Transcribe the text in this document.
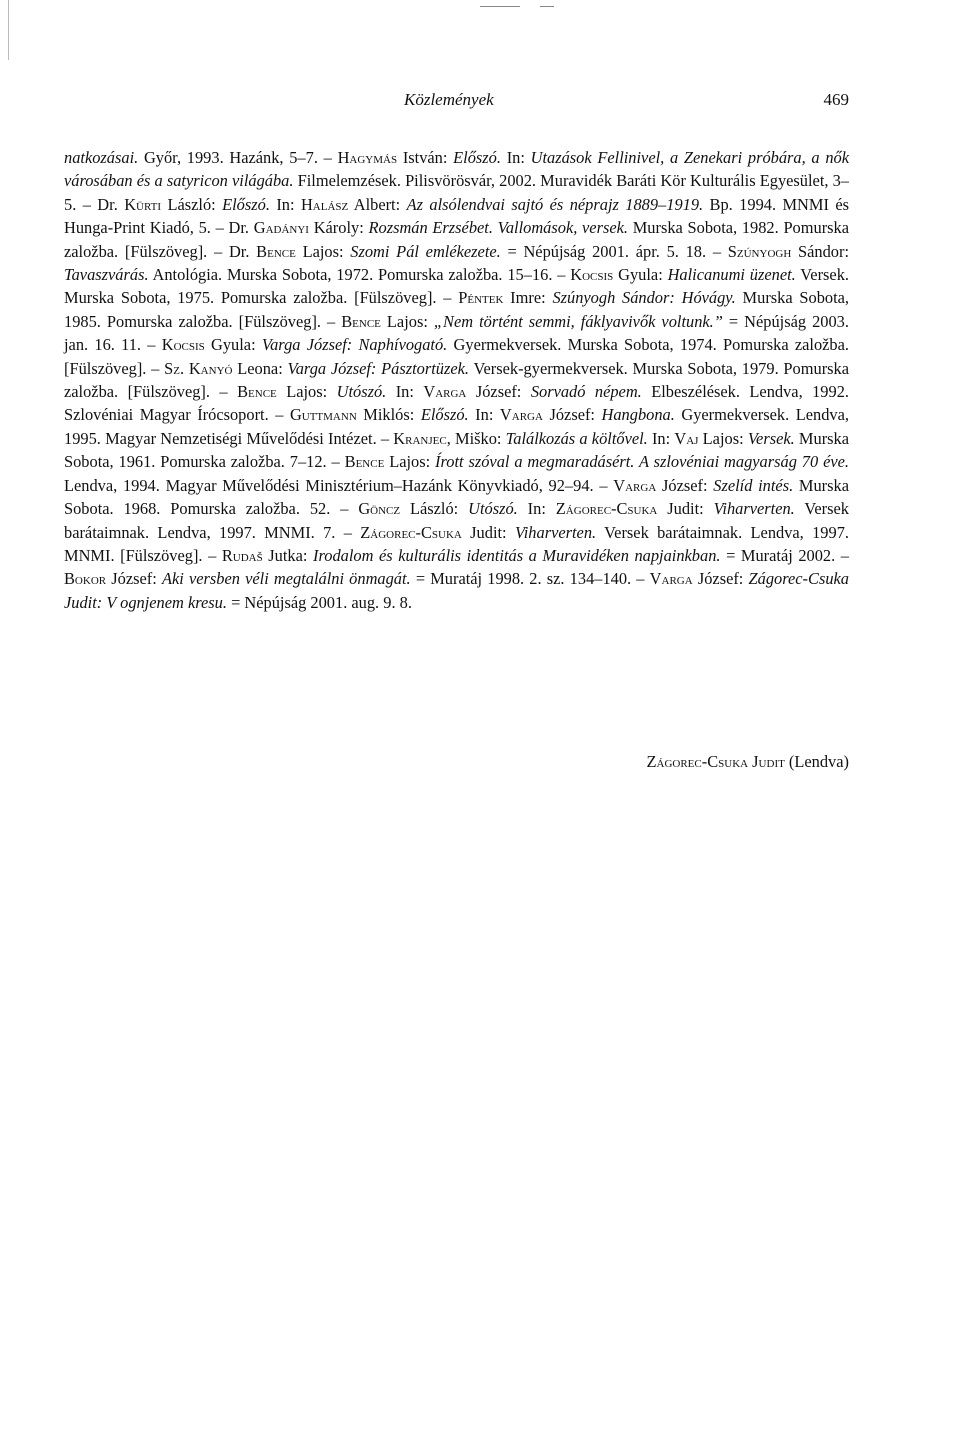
Közlemények	469
natkozásai. Győr, 1993. Hazánk, 5–7. – Hagymás István: Előszó. In: Utazások Fellinivel, a Zenekari próbára, a nők városában és a satyricon világába. Filmelemzések. Pilisvörösvár, 2002. Muravidék Baráti Kör Kulturális Egyesület, 3–5. – Dr. Kürti László: Előszó. In: Halász Albert: Az alsólendvai sajtó és néprajz 1889–1919. Bp. 1994. MNMI és Hunga-Print Kiadó, 5. – Dr. Gadányi Károly: Rozsmán Erzsébet. Vallomások, versek. Murska Sobota, 1982. Pomurska založba. [Fülszöveg]. – Dr. Bence Lajos: Szomi Pál emlékezete. = Népújság 2001. ápr. 5. 18. – Szúnyogh Sándor: Tavaszvárás. Antológia. Murska Sobota, 1972. Pomurska založba. 15–16. – Kocsis Gyula: Halicanumi üzenet. Versek. Murska Sobota, 1975. Pomurska založba. [Fülszöveg]. – Péntek Imre: Szúnyogh Sándor: Hóvágy. Murska Sobota, 1985. Pomurska založba. [Fülszöveg]. – Bence Lajos: „Nem történt semmi, fáklyavivők voltunk.” = Népújság 2003. jan. 16. 11. – Kocsis Gyula: Varga József: Naphívogató. Gyermekversek. Murska Sobota, 1974. Pomurska založba. [Fülszöveg]. – Sz. Kanyó Leona: Varga József: Pásztortüzek. Versek-gyermekversek. Murska Sobota, 1979. Pomurska založba. [Fülszöveg]. – Bence Lajos: Utószó. In: Varga József: Sorvadó népem. Elbeszélések. Lendva, 1992. Szlovéniai Magyar Írócsoport. – Guttmann Miklós: Előszó. In: Varga József: Hangbona. Gyermekversek. Lendva, 1995. Magyar Nemzetiségi Művelődési Intézet. – Kranjec, Miško: Találkozás a költővel. In: Vaj Lajos: Versek. Murska Sobota, 1961. Pomurska založba. 7–12. – Bence Lajos: Írott szóval a megmaradásért. A szlovéniai magyarság 70 éve. Lendva, 1994. Magyar Művelődési Minisztérium–Hazánk Könyvkiadó, 92–94. – Varga József: Szelíd intés. Murska Sobota. 1968. Pomurska založba. 52. – Göncz László: Utószó. In: Zágorec-Csuka Judit: Viharverten. Versek barátaimnak. Lendva, 1997. MNMI. 7. – Zágorec-Csuka Judit: Viharverten. Versek barátaimnak. Lendva, 1997. MNMI. [Fülszöveg]. – Rudaš Jutka: Irodalom és kulturális identitás a Muravidéken napjainkban. = Muratáj 2002. – Bokor József: Aki versben véli megtalálni önmagát. = Muratáj 1998. 2. sz. 134–140. – Varga József: Zágorec-Csuka Judit: V ognjenem kresu. = Népújság 2001. aug. 9. 8.
Zágorec-Csuka Judit (Lendva)
